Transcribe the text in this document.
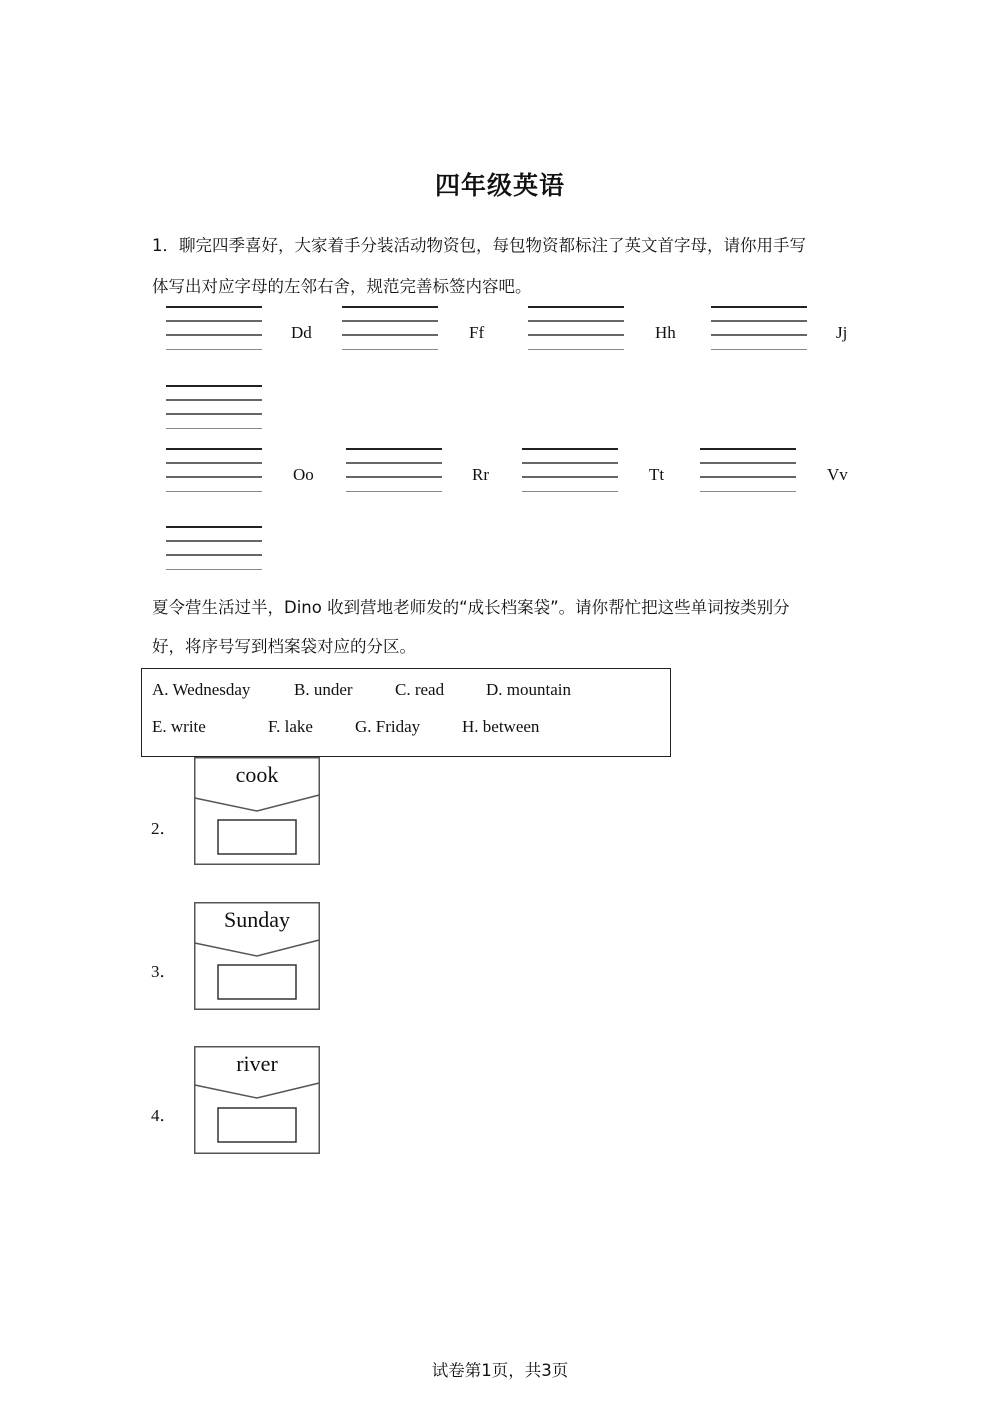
四年级英语
1．聊完四季喜好，大家着手分装活动物资包，每包物资都标注了英文首字母，请你用手写
体写出对应字母的左邻右舍，规范完善标签内容吧。
Dd	Ff	Hh	Jj
Oo	Rr	Tt	Vv
夏令营生活过半，Dino 收到营地老师发的“成长档案袋”。请你帮忙把这些单词按类别分
好，将序号写到档案袋对应的分区。
A. Wednesday	B. under C. read D. mountain
E. write	F. lake G. Friday H. between
2．
cook
3．
Sunday
4．
river
试卷第1页，共3页
